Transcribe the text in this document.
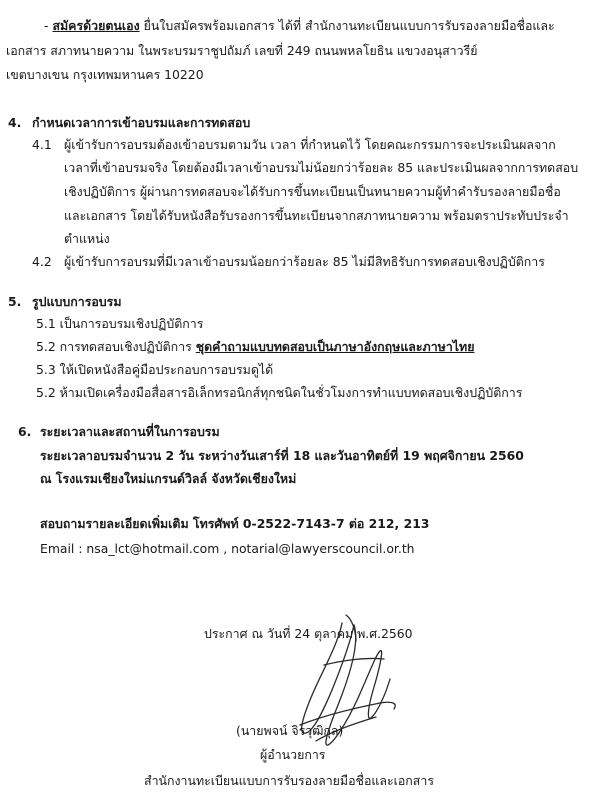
- สมัครด้วยตนเอง ยื่นใบสมัครพร้อมเอกสาร ได้ที่ สำนักงานทะเบียนแบบการรับรองลายมือชื่อและ
เอกสาร สภาทนายความ ในพระบรมราชูปถัมภ์ เลขที่ 249 ถนนพหลโยธิน แขวงอนุสาวรีย์
เขตบางเขน กรุงเทพมหานคร 10220
4. กำหนดเวลาการเข้าอบรมและการทดสอบ
4.1 ผู้เข้ารับการอบรมต้องเข้าอบรมตามวัน เวลา ที่กำหนดไว้ โดยคณะกรรมการจะประเมินผลจาก
เวลาที่เข้าอบรมจริง โดยต้องมีเวลาเข้าอบรมไม่น้อยกว่าร้อยละ 85 และประเมินผลจากการทดสอบ
เชิงปฏิบัติการ ผู้ผ่านการทดสอบจะได้รับการขึ้นทะเบียนเป็นทนายความผู้ทำคำรับรองลายมือชื่อ
และเอกสาร โดยได้รับหนังสือรับรองการขึ้นทะเบียนจากสภาทนายความ พร้อมตราประทับประจำ
ตำแหน่ง
4.2 ผู้เข้ารับการอบรมที่มีเวลาเข้าอบรมน้อยกว่าร้อยละ 85 ไม่มีสิทธิรับการทดสอบเชิงปฏิบัติการ
5. รูปแบบการอบรม
5.1 เป็นการอบรมเชิงปฏิบัติการ
5.2 การทดสอบเชิงปฏิบัติการ ชุดคำถามแบบทดสอบเป็นภาษาอังกฤษและภาษาไทย
5.3 ให้เปิดหนังสือคู่มือประกอบการอบรมดูได้
5.2 ห้ามเปิดเครื่องมือสื่อสารอิเล็กทรอนิกส์ทุกชนิดในชั่วโมงการทำแบบทดสอบเชิงปฏิบัติการ
6. ระยะเวลาและสถานที่ในการอบรม
ระยะเวลาอบรมจำนวน 2 วัน ระหว่างวันเสาร์ที่ 18 และวันอาทิตย์ที่ 19 พฤศจิกายน 2560
ณ โรงแรมเชียงใหม่แกรนด์วิลล์ จังหวัดเชียงใหม่
สอบถามรายละเอียดเพิ่มเติม โทรศัพท์ 0-2522-7143-7 ต่อ 212, 213
Email : nsa_lct@hotmail.com , notarial@lawyerscouncil.or.th
ประกาศ ณ วันที่ 24 ตุลาคม พ.ศ.2560
(นายพจน์ จิรวุฒิกุล)
ผู้อำนวยการ
สำนักงานทะเบียนแบบการรับรองลายมือชื่อและเอกสาร
